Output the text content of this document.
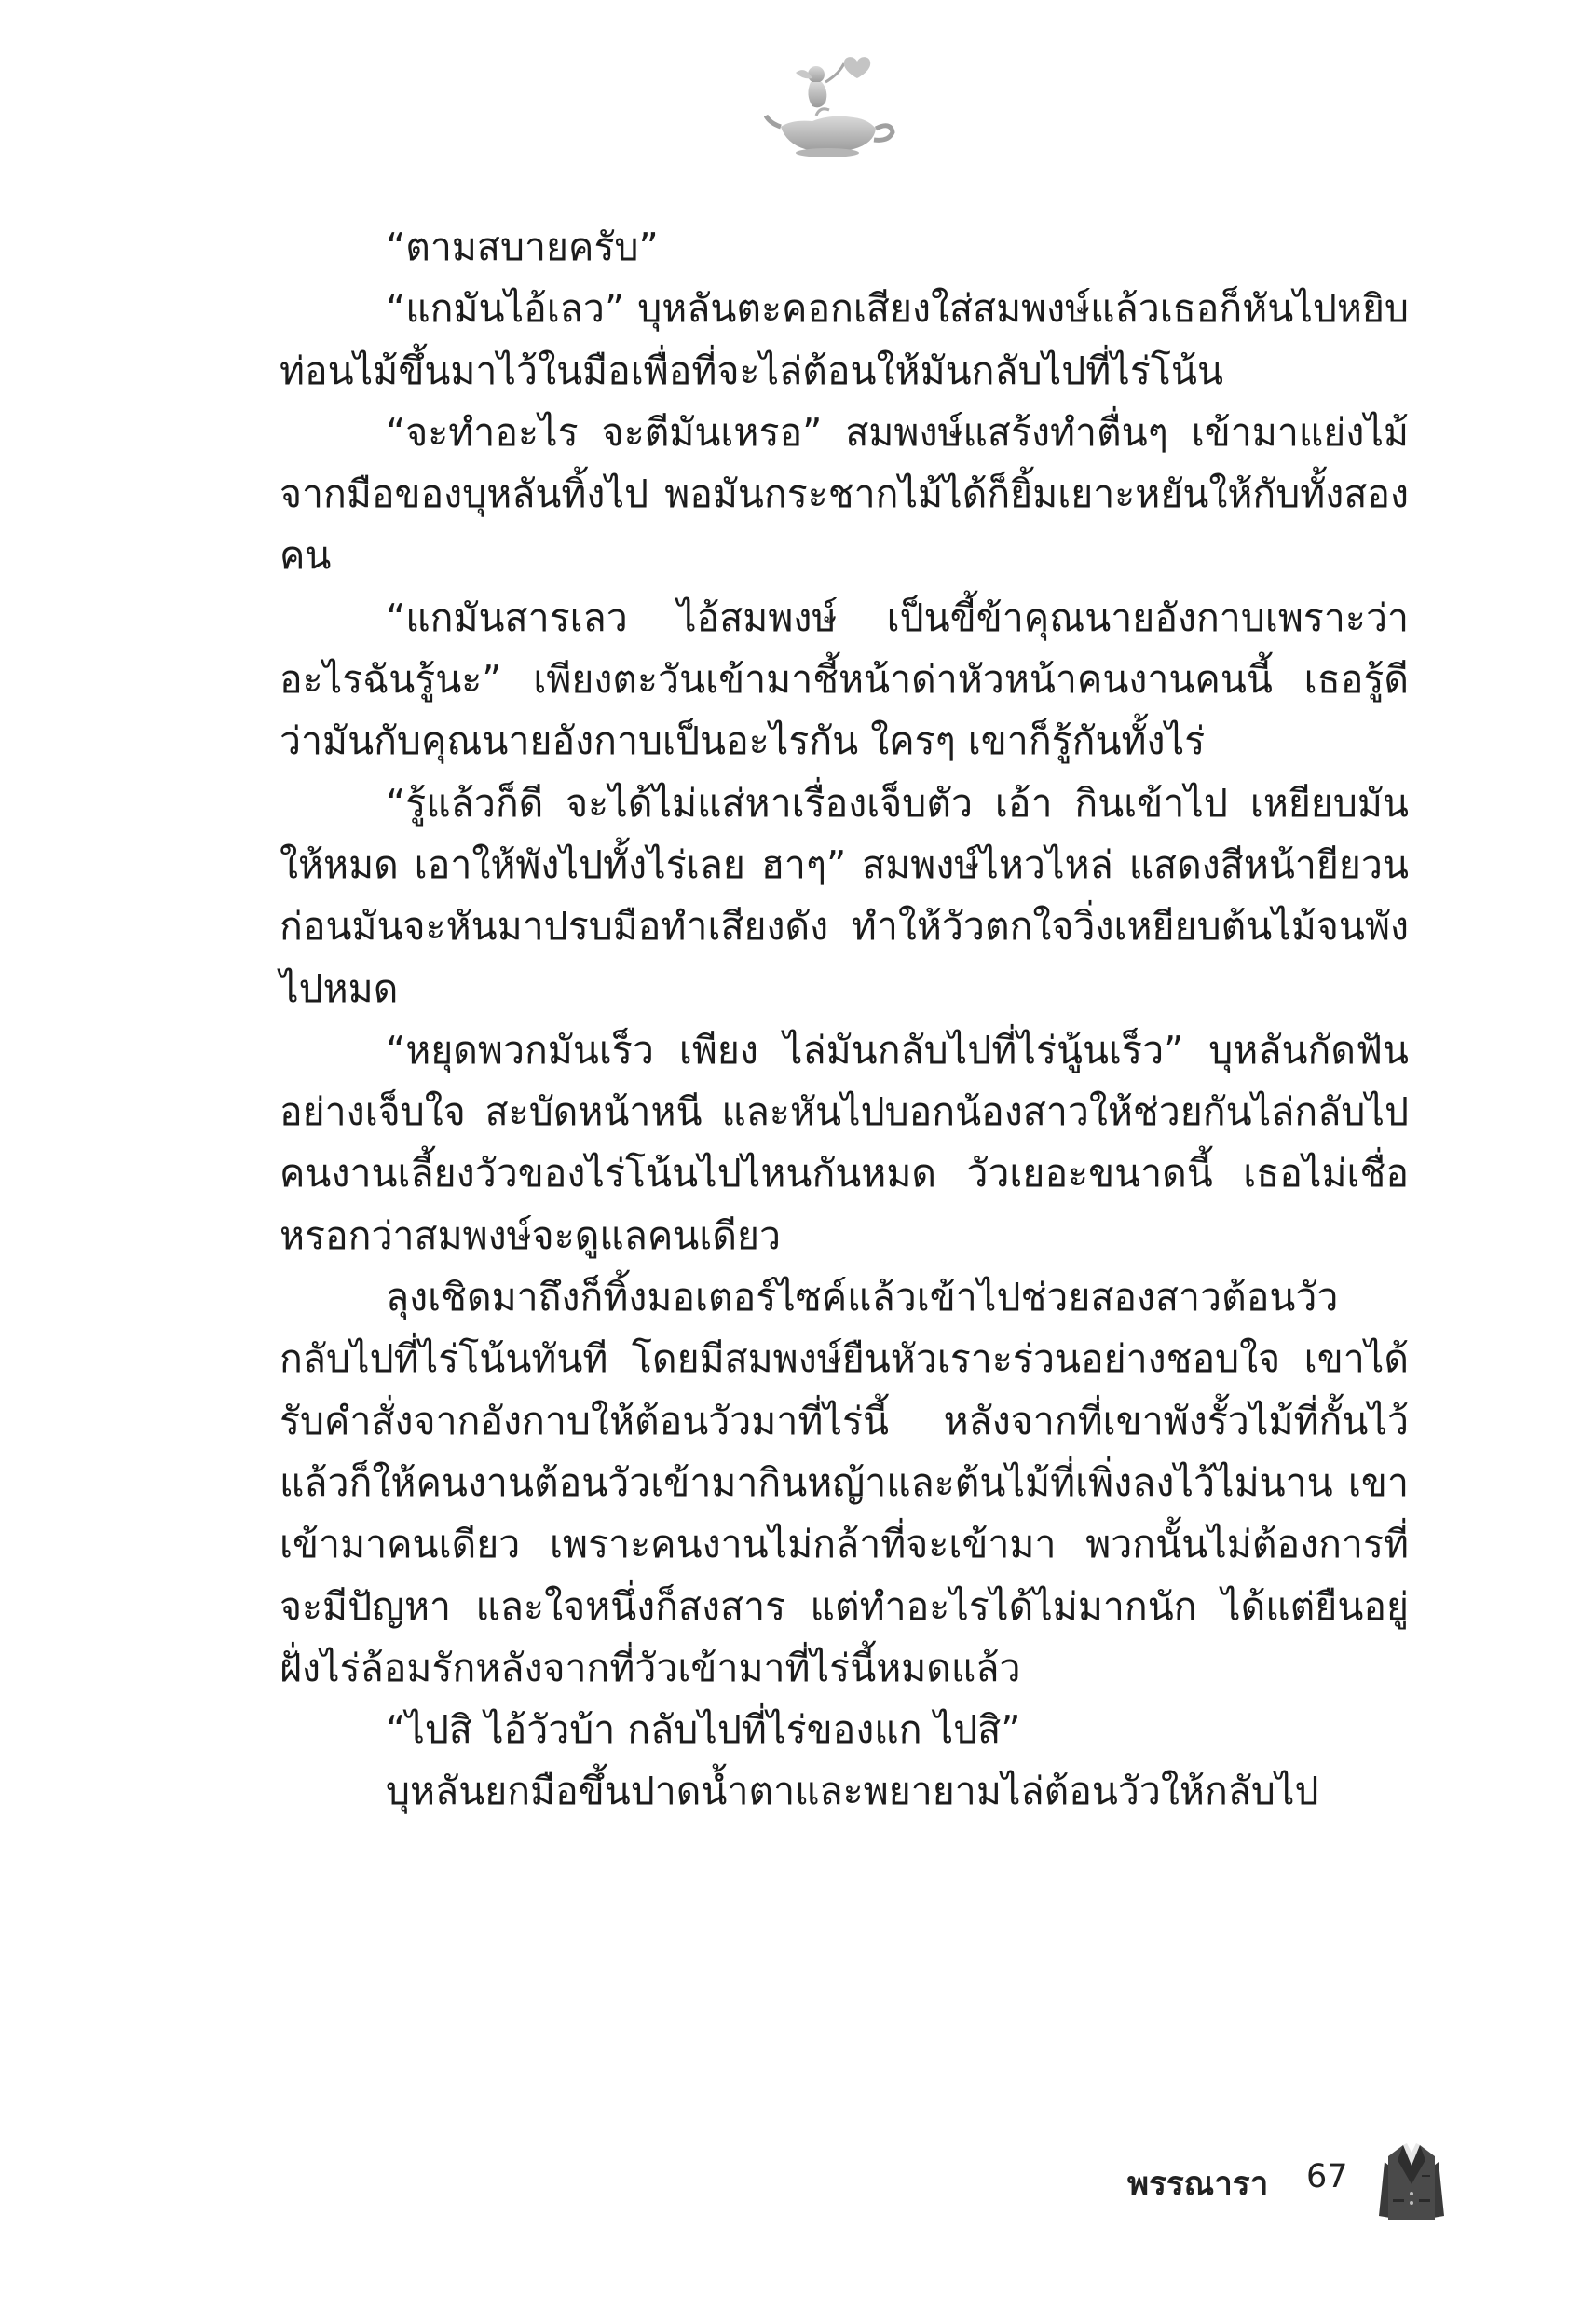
“ตามสบายครับ”

“แกมันไอ้เลว” บุหลันตะคอกเสียงใส่สมพงษ์แล้วเธอก็หันไปหยิบท่อนไม้ขึ้นมาไว้ในมือเพื่อที่จะไล่ต้อนให้มันกลับไปที่ไร่โน้น

“จะทำอะไร จะตีมันเหรอ” สมพงษ์แสร้งทำตื่นๆ เข้ามาแย่งไม้จากมือของบุหลันทิ้งไป พอมันกระชากไม้ได้ก็ยิ้มเยาะหยันให้กับทั้งสองคน

“แกมันสารเลว ไอ้สมพงษ์ เป็นขี้ข้าคุณนายอังกาบเพราะว่าอะไรฉันรู้นะ” เพียงตะวันเข้ามาชี้หน้าด่าหัวหน้าคนงานคนนี้ เธอรู้ดีว่ามันกับคุณนายอังกาบเป็นอะไรกัน ใครๆ เขาก็รู้กันทั้งไร่

“รู้แล้วก็ดี จะได้ไม่แส่หาเรื่องเจ็บตัว เอ้า กินเข้าไป เหยียบมันให้หมด เอาให้พังไปทั้งไร่เลย ฮาๆ” สมพงษ์ไหวไหล่ แสดงสีหน้ายียวนก่อนมันจะหันมาปรบมือทำเสียงดัง ทำให้วัวตกใจวิ่งเหยียบต้นไม้จนพังไปหมด

“หยุดพวกมันเร็ว เพียง ไล่มันกลับไปที่ไร่นู้นเร็ว” บุหลันกัดฟันอย่างเจ็บใจ สะบัดหน้าหนี และหันไปบอกน้องสาวให้ช่วยกันไล่กลับไปคนงานเลี้ยงวัวของไร่โน้นไปไหนกันหมด วัวเยอะขนาดนี้ เธอไม่เชื่อหรอกว่าสมพงษ์จะดูแลคนเดียว

ลุงเชิดมาถึงก็ทิ้งมอเตอร์ไซค์แล้วเข้าไปช่วยสองสาวต้อนวัวกลับไปที่ไร่โน้นทันที โดยมีสมพงษ์ยืนหัวเราะร่วนอย่างชอบใจ เขาได้รับคำสั่งจากอังกาบให้ต้อนวัวมาที่ไร่นี้ หลังจากที่เขาพังรั้วไม้ที่กั้นไว้แล้วก็ให้คนงานต้อนวัวเข้ามากินหญ้าและต้นไม้ที่เพิ่งลงไว้ไม่นาน เขาเข้ามาคนเดียว เพราะคนงานไม่กล้าที่จะเข้ามา พวกนั้นไม่ต้องการที่จะมีปัญหา และใจหนึ่งก็สงสาร แต่ทำอะไรได้ไม่มากนัก ได้แต่ยืนอยู่ฝั่งไร่ล้อมรักหลังจากที่วัวเข้ามาที่ไร่นี้หมดแล้ว

“ไปสิ ไอ้วัวบ้า กลับไปที่ไร่ของแก ไปสิ”

บุหลันยกมือขึ้นปาดน้ำตาและพยายามไล่ต้อนวัวให้กลับไป

พรรณารา 67
